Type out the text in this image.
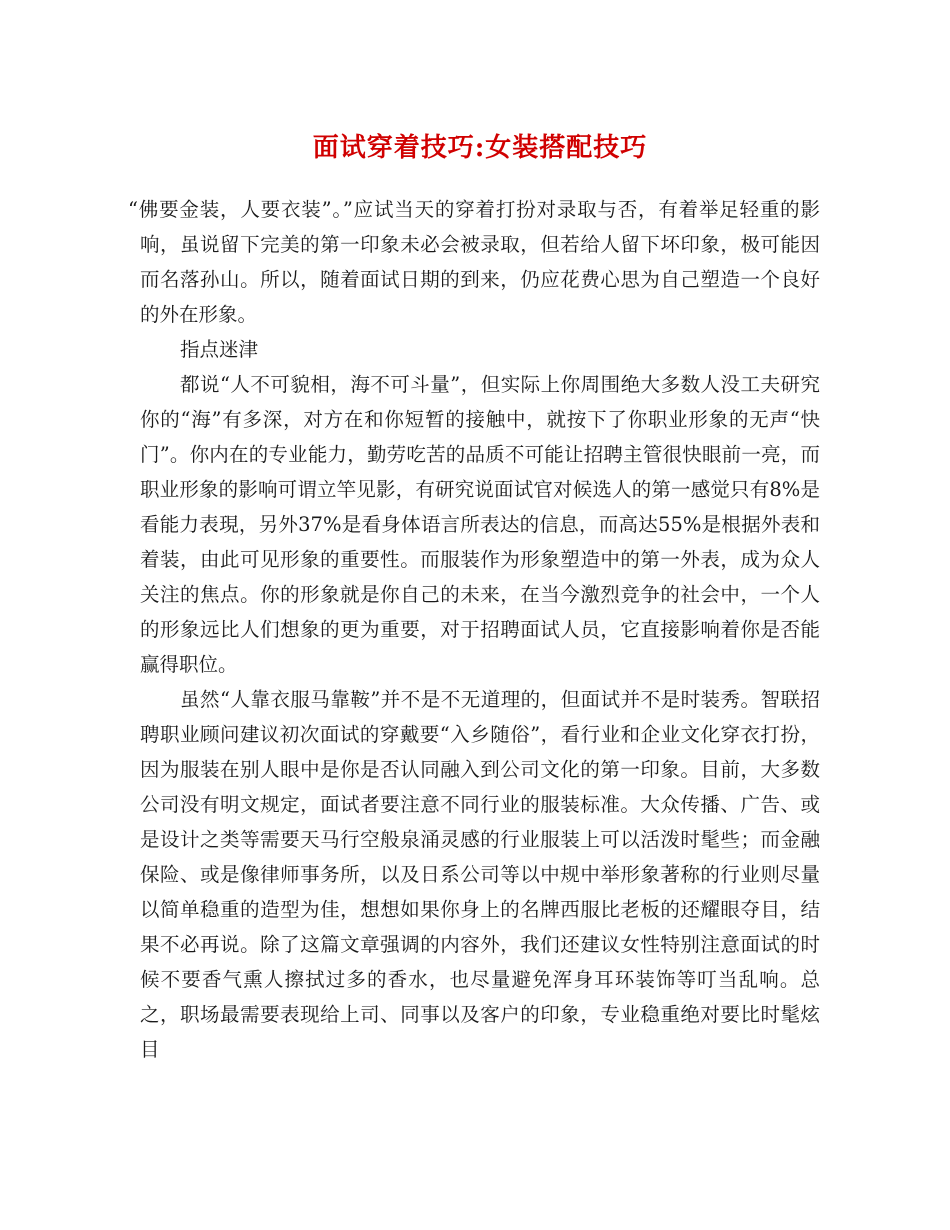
面试穿着技巧:女装搭配技巧

“佛要金装，人要衣装”。”应试当天的穿着打扮对录取与否，有着举足轻重的影响，虽说留下完美的第一印象未必会被录取，但若给人留下坏印象，极可能因而名落孙山。所以，随着面试日期的到来，仍应花费心思为自己塑造一个良好的外在形象。

指点迷津

都说“人不可貌相，海不可斗量”，但实际上你周围绝大多数人没工夫研究你的“海”有多深，对方在和你短暂的接触中，就按下了你职业形象的无声“快门”。你内在的专业能力，勤劳吃苦的品质不可能让招聘主管很快眼前一亮，而职业形象的影响可谓立竿见影，有研究说面试官对候选人的第一感觉只有8%是看能力表現，另外37%是看身体语言所表达的信息，而高达55%是根据外表和着装，由此可见形象的重要性。而服装作为形象塑造中的第一外表，成为众人关注的焦点。你的形象就是你自己的未来，在当今激烈竞争的社会中，一个人的形象远比人们想象的更为重要，对于招聘面试人员，它直接影响着你是否能赢得职位。

虽然“人靠衣服马靠鞍”并不是不无道理的，但面试并不是时装秀。智联招聘职业顾问建议初次面试的穿戴要“入乡随俗”，看行业和企业文化穿衣打扮，因为服装在别人眼中是你是否认同融入到公司文化的第一印象。目前，大多数公司没有明文规定，面试者要注意不同行业的服装标准。大众传播、广告、或是设计之类等需要天马行空般泉涌灵感的行业服装上可以活泼时髦些；而金融保险、或是像律师事务所，以及日系公司等以中规中举形象著称的行业则尽量以简单稳重的造型为佳，想想如果你身上的名牌西服比老板的还耀眼夺目，结果不必再说。除了这篇文章强调的内容外，我们还建议女性特别注意面试的时候不要香气熏人擦拭过多的香水，也尽量避免浑身耳环装饰等叮当乱响。总之，职场最需要表现给上司、同事以及客户的印象，专业稳重绝对要比时髦炫目
